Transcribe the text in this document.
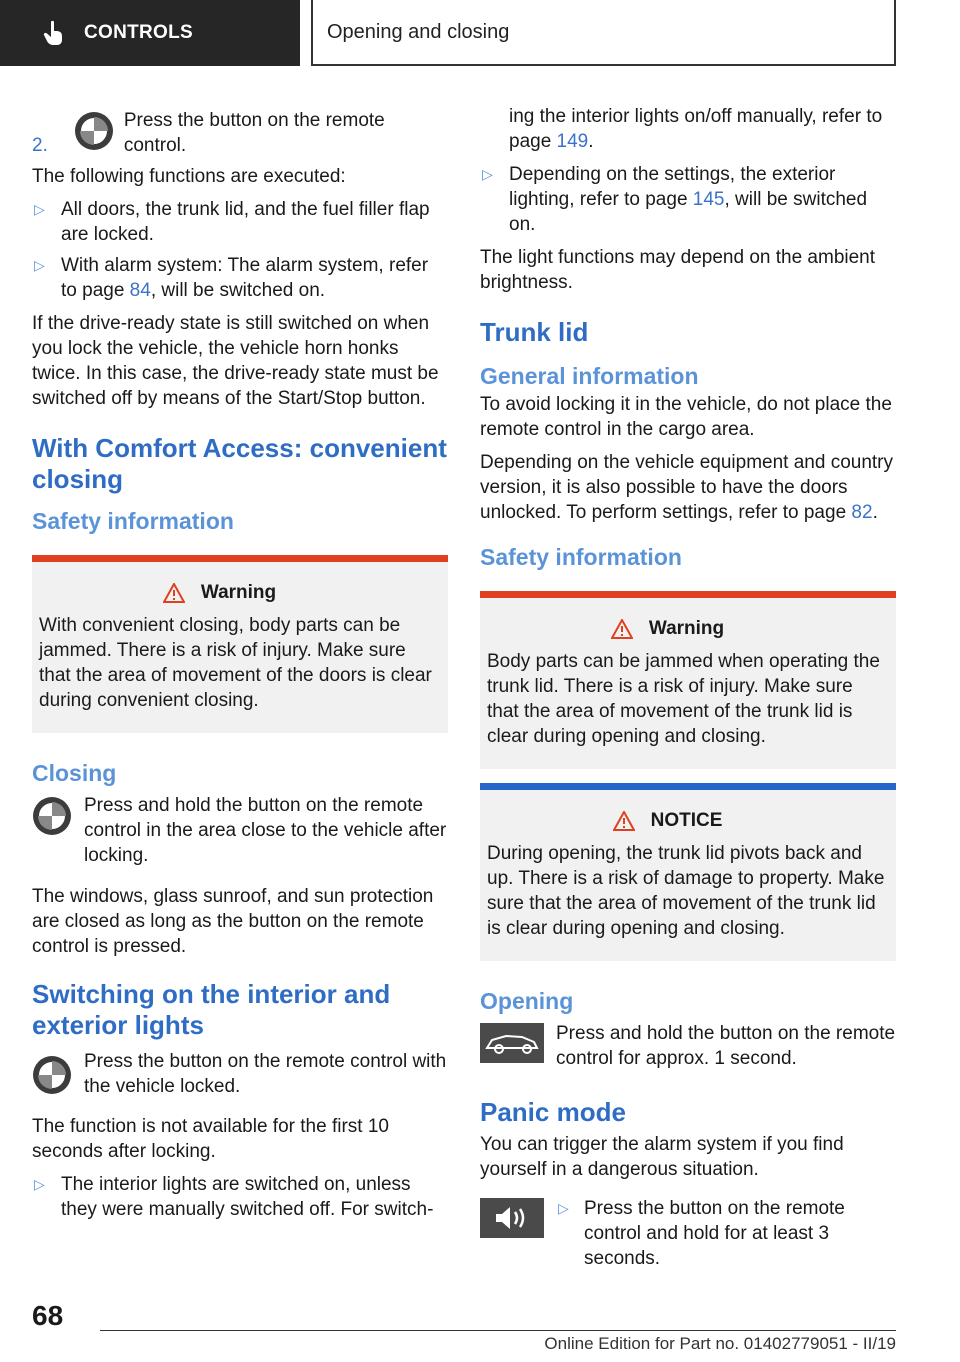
CONTROLS	Opening and closing
2.
Press the button on the remote control.

The following functions are executed:

▷ All doors, the trunk lid, and the fuel filler flap are locked.
▷ With alarm system: The alarm system, refer to page 84, will be switched on.

If the drive-ready state is still switched on when you lock the vehicle, the vehicle horn honks twice. In this case, the drive-ready state must be switched off by means of the Start/Stop button.

With Comfort Access: convenient closing
Safety information
Warning
With convenient closing, body parts can be jammed. There is a risk of injury. Make sure that the area of movement of the doors is clear during convenient closing.
Closing
Press and hold the button on the remote control in the area close to the vehicle after locking.

The windows, glass sunroof, and sun protection are closed as long as the button on the remote control is pressed.

Switching on the interior and exterior lights
Press the button on the remote control with the vehicle locked.

The function is not available for the first 10 seconds after locking.

▷ The interior lights are switched on, unless they were manually switched off. For switch-

ing the interior lights on/off manually, refer to page 149.

▷ Depending on the settings, the exterior lighting, refer to page 145, will be switched on.

The light functions may depend on the ambient brightness.

Trunk lid
General information

To avoid locking it in the vehicle, do not place the remote control in the cargo area.

Depending on the vehicle equipment and country version, it is also possible to have the doors unlocked. To perform settings, refer to page 82.

Safety information
Warning
Body parts can be jammed when operating the trunk lid. There is a risk of injury. Make sure that the area of movement of the trunk lid is clear during opening and closing.
NOTICE
During opening, the trunk lid pivots back and up. There is a risk of damage to property. Make sure that the area of movement of the trunk lid is clear during opening and closing.
Opening
Press and hold the button on the remote control for approx. 1 second.
Panic mode

You can trigger the alarm system if you find yourself in a dangerous situation.

▷ Press the button on the remote control and hold for at least 3 seconds.
68
Online Edition for Part no. 01402779051 - II/19
